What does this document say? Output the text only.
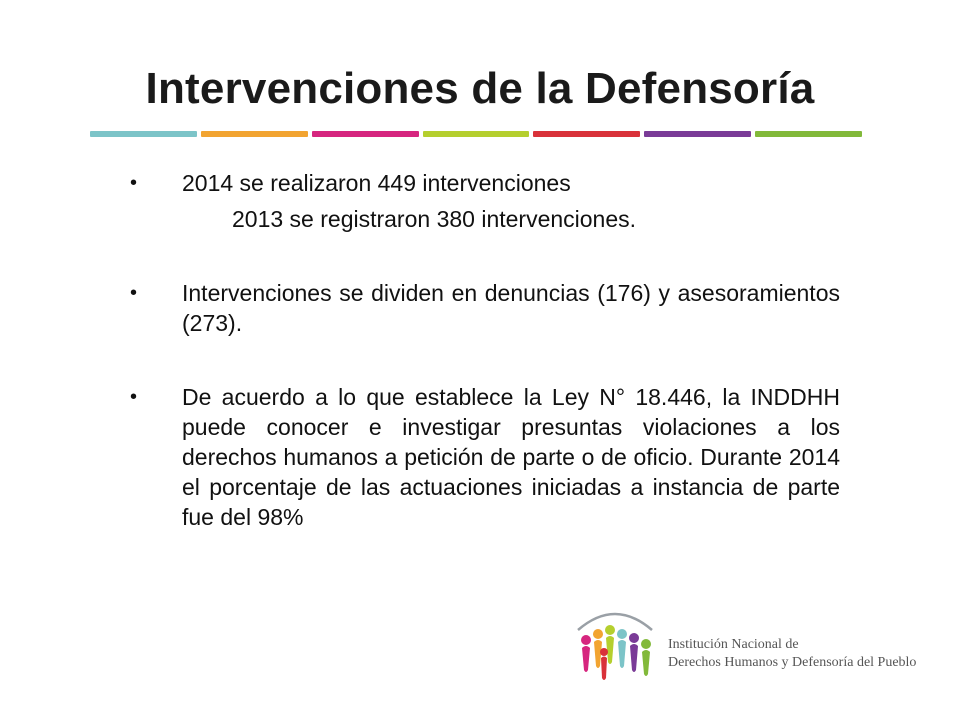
Intervenciones de la Defensoría
•	2014 se realizaron 449 intervenciones
2013 se registraron 380 intervenciones.
•	Intervenciones se dividen en denuncias (176) y asesoramientos (273).
•	De acuerdo a lo que establece la Ley N° 18.446, la INDDHH puede conocer e investigar presuntas violaciones a los derechos humanos a petición de parte o de oficio. Durante 2014 el porcentaje de las actuaciones iniciadas a instancia de parte fue del 98%
Institución Nacional de
Derechos Humanos y Defensoría del Pueblo
